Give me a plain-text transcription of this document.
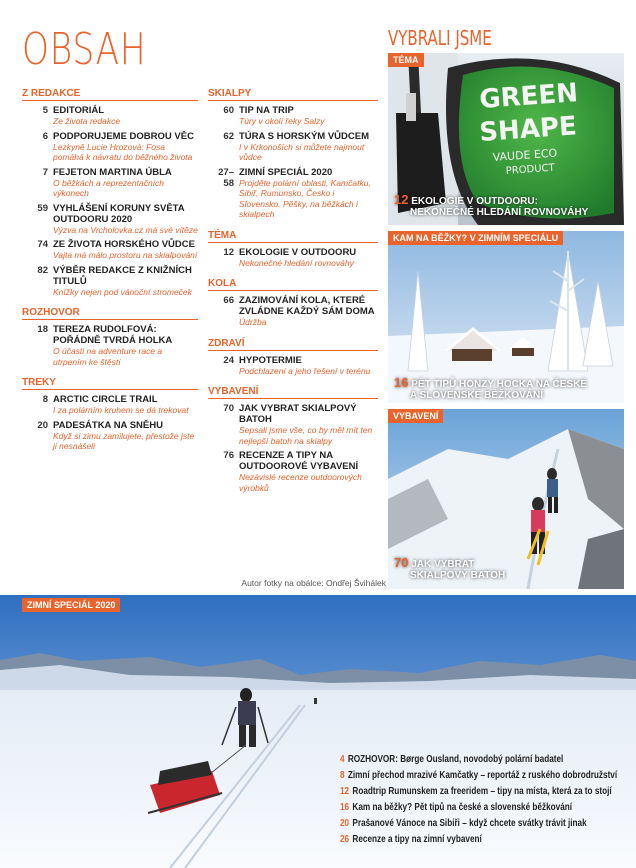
OBSAH
Z REDAKCE
5 EDITORIÁL
Ze života redakce
6 PODPORUJEME DOBROU VĚC
Lezkyně Lucie Hrozová: Fosa pomáhá k návratu do běžného života
7 FEJETON MARTINA ÚBLA
O běžkách a reprezentačních výkonech
59 VYHLÁŠENÍ KORUNY SVĚTA OUTDOORU 2020
Výzva na Vrcholovka.cz má své vítěze
74 ZE ŽIVOTA HORSKÉHO VŮDCE
Vajta má málo prostoru na skialpování
82 VÝBĚR REDAKCE Z KNIŽNÍCH TITULŮ
Knížky nejen pod vánoční stromeček
ROZHOVOR
18 TEREZA RUDOLFOVÁ: POŘÁDNĚ TVRDÁ HOLKA
O účasti na adventure race a utrpením ke štěstí
TREKY
8 ARCTIC CIRCLE TRAIL
I za polárním kruhem se dá trekovat
20 PADESÁTKA NA SNĚHU
Když si zimu zamilujete, přestože jste ji nesnášeli
SKIALPY
60 TIP NA TRIP
Túry v okolí řeky Salzy
62 TÚRA S HORSKÝM VŮDCEM
I v Krkonoších si můžete najmout vůdce
27–58
ZIMNÍ SPECIÁL 2020
Projděte polární oblasti, Kamčatku, Sibiř, Rumunsko, Česko i Slovensko. Pěšky, na běžkách i skialpech
TÉMA
12 EKOLOGIE V OUTDOORU
Nekonečné hledání rovnováhy
KOLA
66 ZAZIMOVÁNÍ KOLA, KTERÉ ZVLÁDNE KAŽDÝ SÁM DOMA
Údržba
ZDRAVÍ
24 HYPOTERMIE
Podchlazení a jeho řešení v terénu
VYBAVENÍ
70 JAK VYBRAT SKIALPOVÝ BATOH
Sepsali jsme vše, co by měl mít ten nejlepší batoh na skialpy
76 RECENZE A TIPY NA OUTDOOROVÉ VYBAVENÍ
Nezávislé recenze outdoorových výrobků
Autor fotky na obálce: Ondřej Švihálek
VYBRALI JSME
GREEN
SHAPE
VAUDE ECO
PRODUCT
TÉMA
12 EKOLOGIE V OUTDOORU:
NEKONEČNÉ HLEDÁNÍ ROVNOVÁHY
KAM NA BĚŽKY? V ZIMNÍM SPECIÁLU
16 PĚT TIPŮ HONZY HOCKA NA ČESKÉ
A SLOVENSKÉ BĚŽKOVÁNÍ
VYBAVENÍ
70 JAK VYBRAT
SKIALPOVÝ BATOH
ZIMNÍ SPECIÁL 2020
4 ROZHOVOR: Børge Ousland, novodobý polární badatel
8 Zimní přechod mrazivé Kamčatky – reportáž z ruského dobrodružství
12 Roadtrip Rumunskem za freeridem – tipy na místa, která za to stojí
16 Kam na běžky? Pět tipů na české a slovenské běžkování
20 Prašanové Vánoce na Sibiři – když chcete svátky trávit jinak
26 Recenze a tipy na zimní vybavení
